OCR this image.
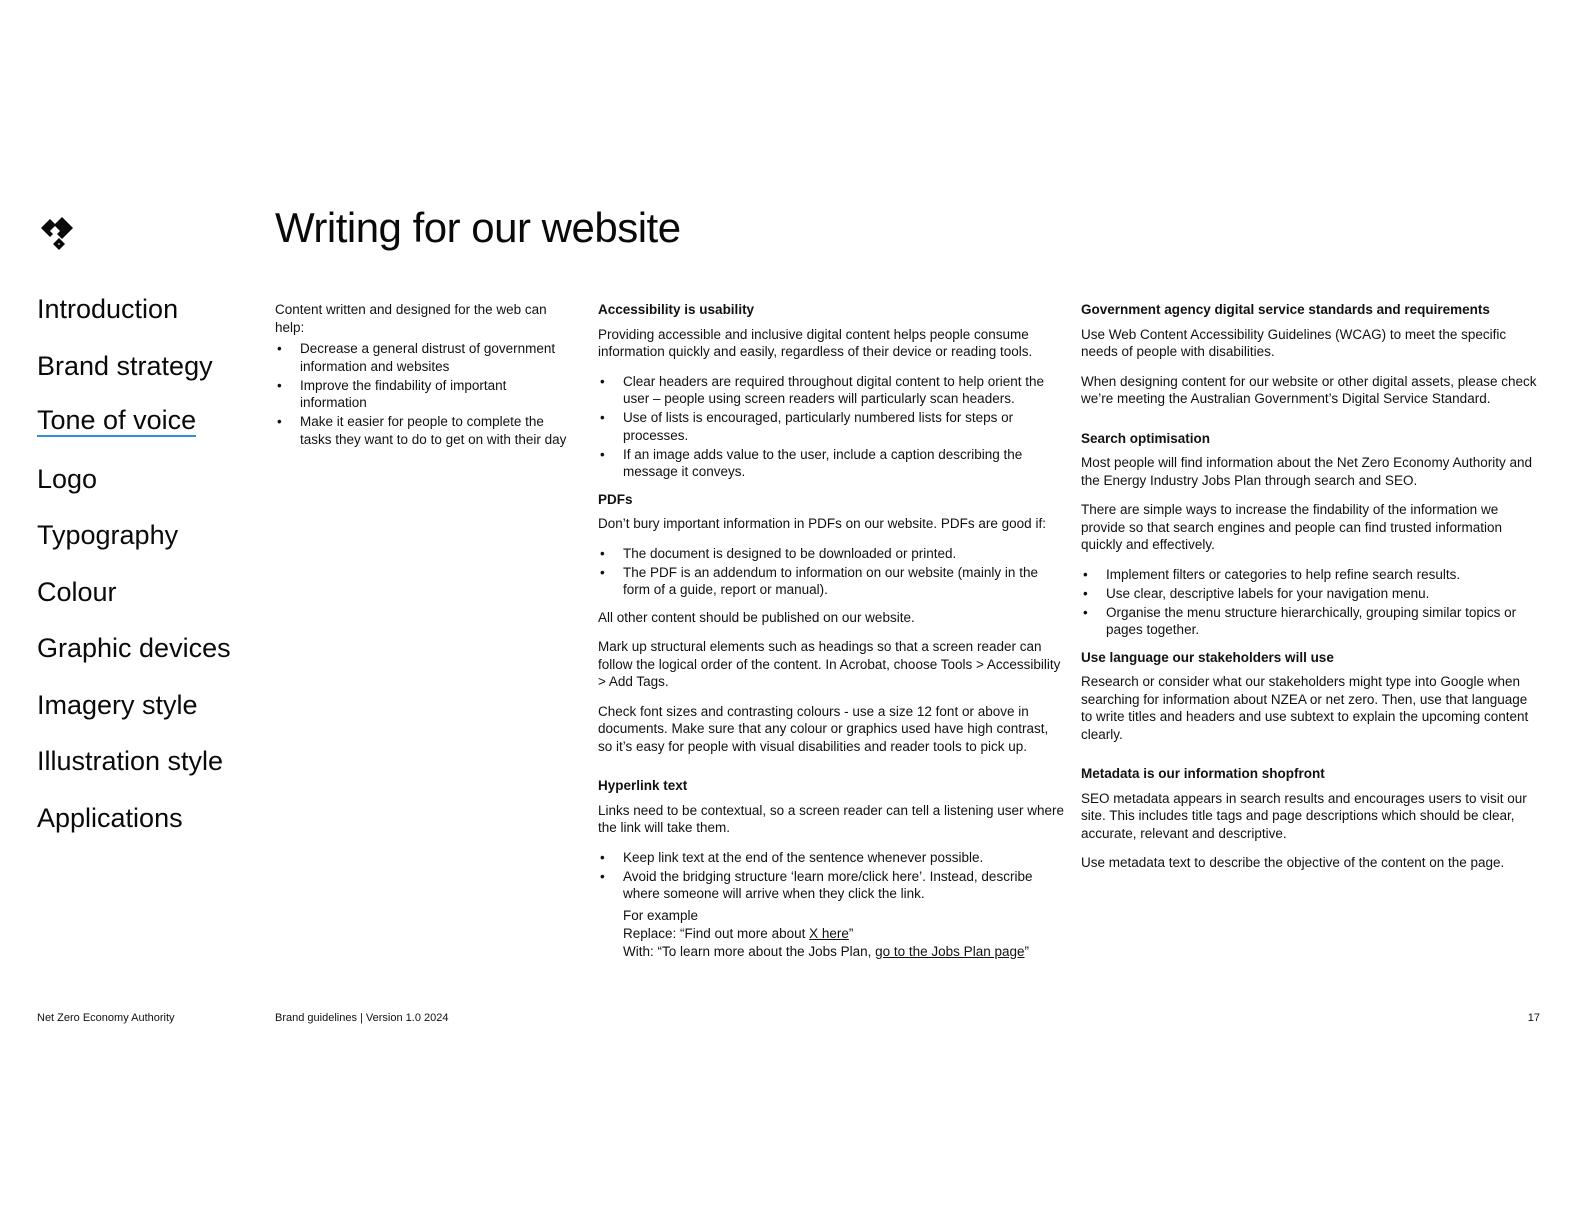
Writing for our website
Introduction
Brand strategy
Tone of voice
Logo
Typography
Colour
Graphic devices
Imagery style
Illustration style
Applications

Content written and designed for the web can help:

• Decrease a general distrust of government information and websites
• Improve the findability of important information
• Make it easier for people to complete the tasks they want to do to get on with their day
Accessibility is usability

Providing accessible and inclusive digital content helps people consume information quickly and easily, regardless of their device or reading tools.

• Clear headers are required throughout digital content to help orient the user – people using screen readers will particularly scan headers.
• Use of lists is encouraged, particularly numbered lists for steps or processes.
• If an image adds value to the user, include a caption describing the message it conveys.
PDFs

Don’t bury important information in PDFs on our website. PDFs are good if:

• The document is designed to be downloaded or printed.
• The PDF is an addendum to information on our website (mainly in the form of a guide, report or manual).

All other content should be published on our website.

Mark up structural elements such as headings so that a screen reader can follow the logical order of the content. In Acrobat, choose Tools > Accessibility > Add Tags.

Check font sizes and contrasting colours - use a size 12 font or above in documents. Make sure that any colour or graphics used have high contrast, so it’s easy for people with visual disabilities and reader tools to pick up.

Hyperlink text

Links need to be contextual, so a screen reader can tell a listening user where the link will take them.

• Keep link text at the end of the sentence whenever possible.
• Avoid the bridging structure ‘learn more/click here’. Instead, describe where someone will arrive when they click the link.
For example
Replace: “Find out more about X here”
With: “To learn more about the Jobs Plan, go to the Jobs Plan page”
Government agency digital service standards and requirements

Use Web Content Accessibility Guidelines (WCAG) to meet the specific needs of people with disabilities.

When designing content for our website or other digital assets, please check we’re meeting the Australian Government’s Digital Service Standard.

Search optimisation

Most people will find information about the Net Zero Economy Authority and the Energy Industry Jobs Plan through search and SEO.

There are simple ways to increase the findability of the information we provide so that search engines and people can find trusted information quickly and effectively.

• Implement filters or categories to help refine search results.
• Use clear, descriptive labels for your navigation menu.
• Organise the menu structure hierarchically, grouping similar topics or pages together.
Use language our stakeholders will use

Research or consider what our stakeholders might type into Google when searching for information about NZEA or net zero. Then, use that language to write titles and headers and use subtext to explain the upcoming content clearly.

Metadata is our information shopfront

SEO metadata appears in search results and encourages users to visit our site. This includes title tags and page descriptions which should be clear, accurate, relevant and descriptive.

Use metadata text to describe the objective of the content on the page.

Net Zero Economy Authority	Brand guidelines | Version 1.0 2024	17
